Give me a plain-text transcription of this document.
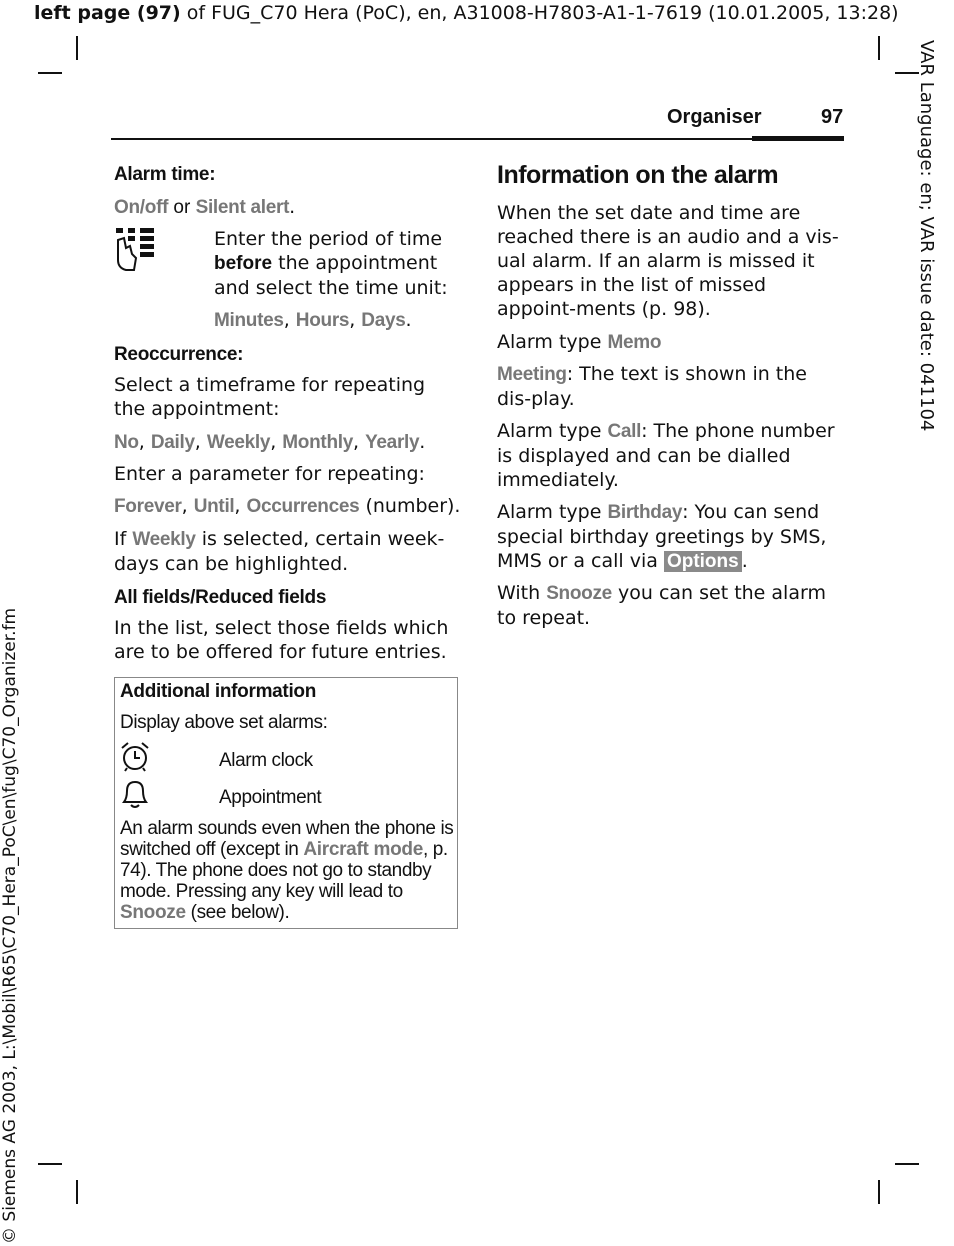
left page (97) of FUG_C70 Hera (PoC), en, A31008-H7803-A1-1-7619 (10.01.2005, 13:28)
VAR Language: en; VAR issue date: 041104
© Siemens AG 2003, L:\Mobil\R65\C70_Hera_PoC\en\fug\C70_Organizer.fm
Organiser	97
Alarm time:
On/off or Silent alert.
Enter the period of time before the appointment and select the time unit:
Minutes, Hours, Days.
Reoccurrence:
Select a timeframe for repeating the appointment:
No, Daily, Weekly, Monthly, Yearly.
Enter a parameter for repeating:
Forever, Until, Occurrences (number).
If Weekly is selected, certain week-days can be highlighted.
All fields/Reduced fields
In the list, select those fields which are to be offered for future entries.
Additional information
Display above set alarms:
Alarm clock
Appointment
An alarm sounds even when the phone is switched off (except in Aircraft mode, p. 74). The phone does not go to standby mode. Pressing any key will lead to Snooze (see below).
Information on the alarm
When the set date and time are reached there is an audio and a vis-ual alarm. If an alarm is missed it appears in the list of missed appoint-ments (p. 98).
Alarm type Memo
Meeting: The text is shown in the dis-play.
Alarm type Call: The phone number is displayed and can be dialled immediately.
Alarm type Birthday: You can send special birthday greetings by SMS, MMS or a call via Options .
With Snooze you can set the alarm to repeat.
